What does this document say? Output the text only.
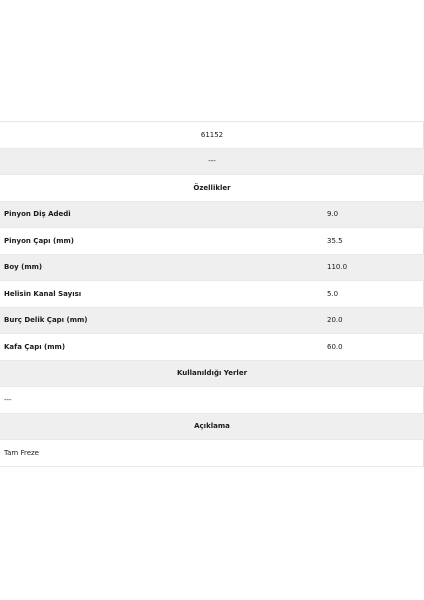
61152
---
Özellikler
Pinyon Diş Adedi	9.0
Pinyon Çapı (mm)	35.5
Boy (mm)	110.0
Helisin Kanal Sayısı	5.0
Burç Delik Çapı (mm)	20.0
Kafa Çapı (mm)	60.0
Kullanıldığı Yerler
---
Açıklama
Tam Freze
